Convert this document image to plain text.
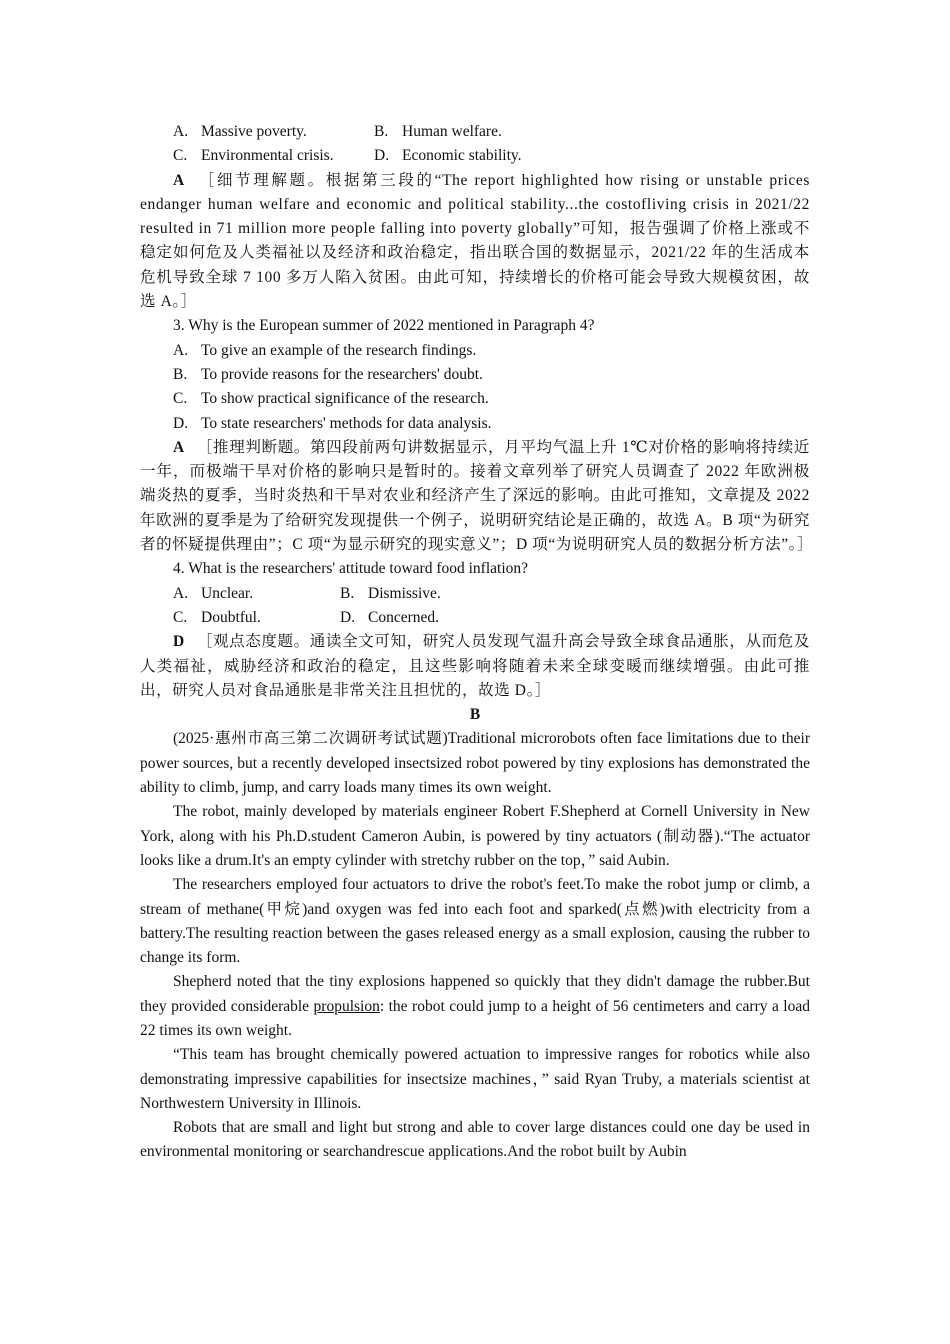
A. Massive poverty.	B. Human welfare.
C. Environmental crisis.	D. Economic stability.

A ［细节理解题。根据第三段的“The report highlighted how rising or unstable prices endanger human welfare and economic and political stability...the costofliving crisis in 2021/22 resulted in 71 million more people falling into poverty globally”可知，报告强调了价格上涨或不稳定如何危及人类福祉以及经济和政治稳定，指出联合国的数据显示，2021/22 年的生活成本危机导致全球 7 100 多万人陷入贫困。由此可知，持续增长的价格可能会导致大规模贫困，故选 A。］

3. Why is the European summer of 2022 mentioned in Paragraph 4?

A. To give an example of the research findings.
B. To provide reasons for the researchers' doubt.
C. To show practical significance of the research.
D. To state researchers' methods for data analysis.

A ［推理判断题。第四段前两句讲数据显示，月平均气温上升 1℃对价格的影响将持续近一年，而极端干旱对价格的影响只是暂时的。接着文章列举了研究人员调查了 2022 年欧洲极端炎热的夏季，当时炎热和干旱对农业和经济产生了深远的影响。由此可推知，文章提及 2022 年欧洲的夏季是为了给研究发现提供一个例子，说明研究结论是正确的，故选 A。B 项“为研究者的怀疑提供理由”；C 项“为显示研究的现实意义”；D 项“为说明研究人员的数据分析方法”。］

4. What is the researchers' attitude toward food inflation?

A. Unclear.	B. Dismissive.
C. Doubtful.	D. Concerned.

D ［观点态度题。通读全文可知，研究人员发现气温升高会导致全球食品通胀，从而危及人类福祉，威胁经济和政治的稳定，且这些影响将随着未来全球变暖而继续增强。由此可推出，研究人员对食品通胀是非常关注且担忧的，故选 D。］

B

(2025·惠州市高三第二次调研考试试题)Traditional microrobots often face limitations due to their power sources, but a recently developed insectsized robot powered by tiny explosions has demonstrated the ability to climb, jump, and carry loads many times its own weight.

The robot, mainly developed by materials engineer Robert F.Shepherd at Cornell University in New York, along with his Ph.D.student Cameron Aubin, is powered by tiny actuators (制动器).“The actuator looks like a drum.It's an empty cylinder with stretchy rubber on the top，” said Aubin.

The researchers employed four actuators to drive the robot's feet.To make the robot jump or climb, a stream of methane(甲烷)and oxygen was fed into each foot and sparked(点燃)with electricity from a battery.The resulting reaction between the gases released energy as a small explosion, causing the rubber to change its form.

Shepherd noted that the tiny explosions happened so quickly that they didn't damage the rubber.But they provided considerable propulsion: the robot could jump to a height of 56 centimeters and carry a load 22 times its own weight.

“This team has brought chemically powered actuation to impressive ranges for robotics while also demonstrating impressive capabilities for insectsize machines，” said Ryan Truby, a materials scientist at Northwestern University in Illinois.

Robots that are small and light but strong and able to cover large distances could one day be used in environmental monitoring or searchandrescue applications.And the robot built by Aubin
